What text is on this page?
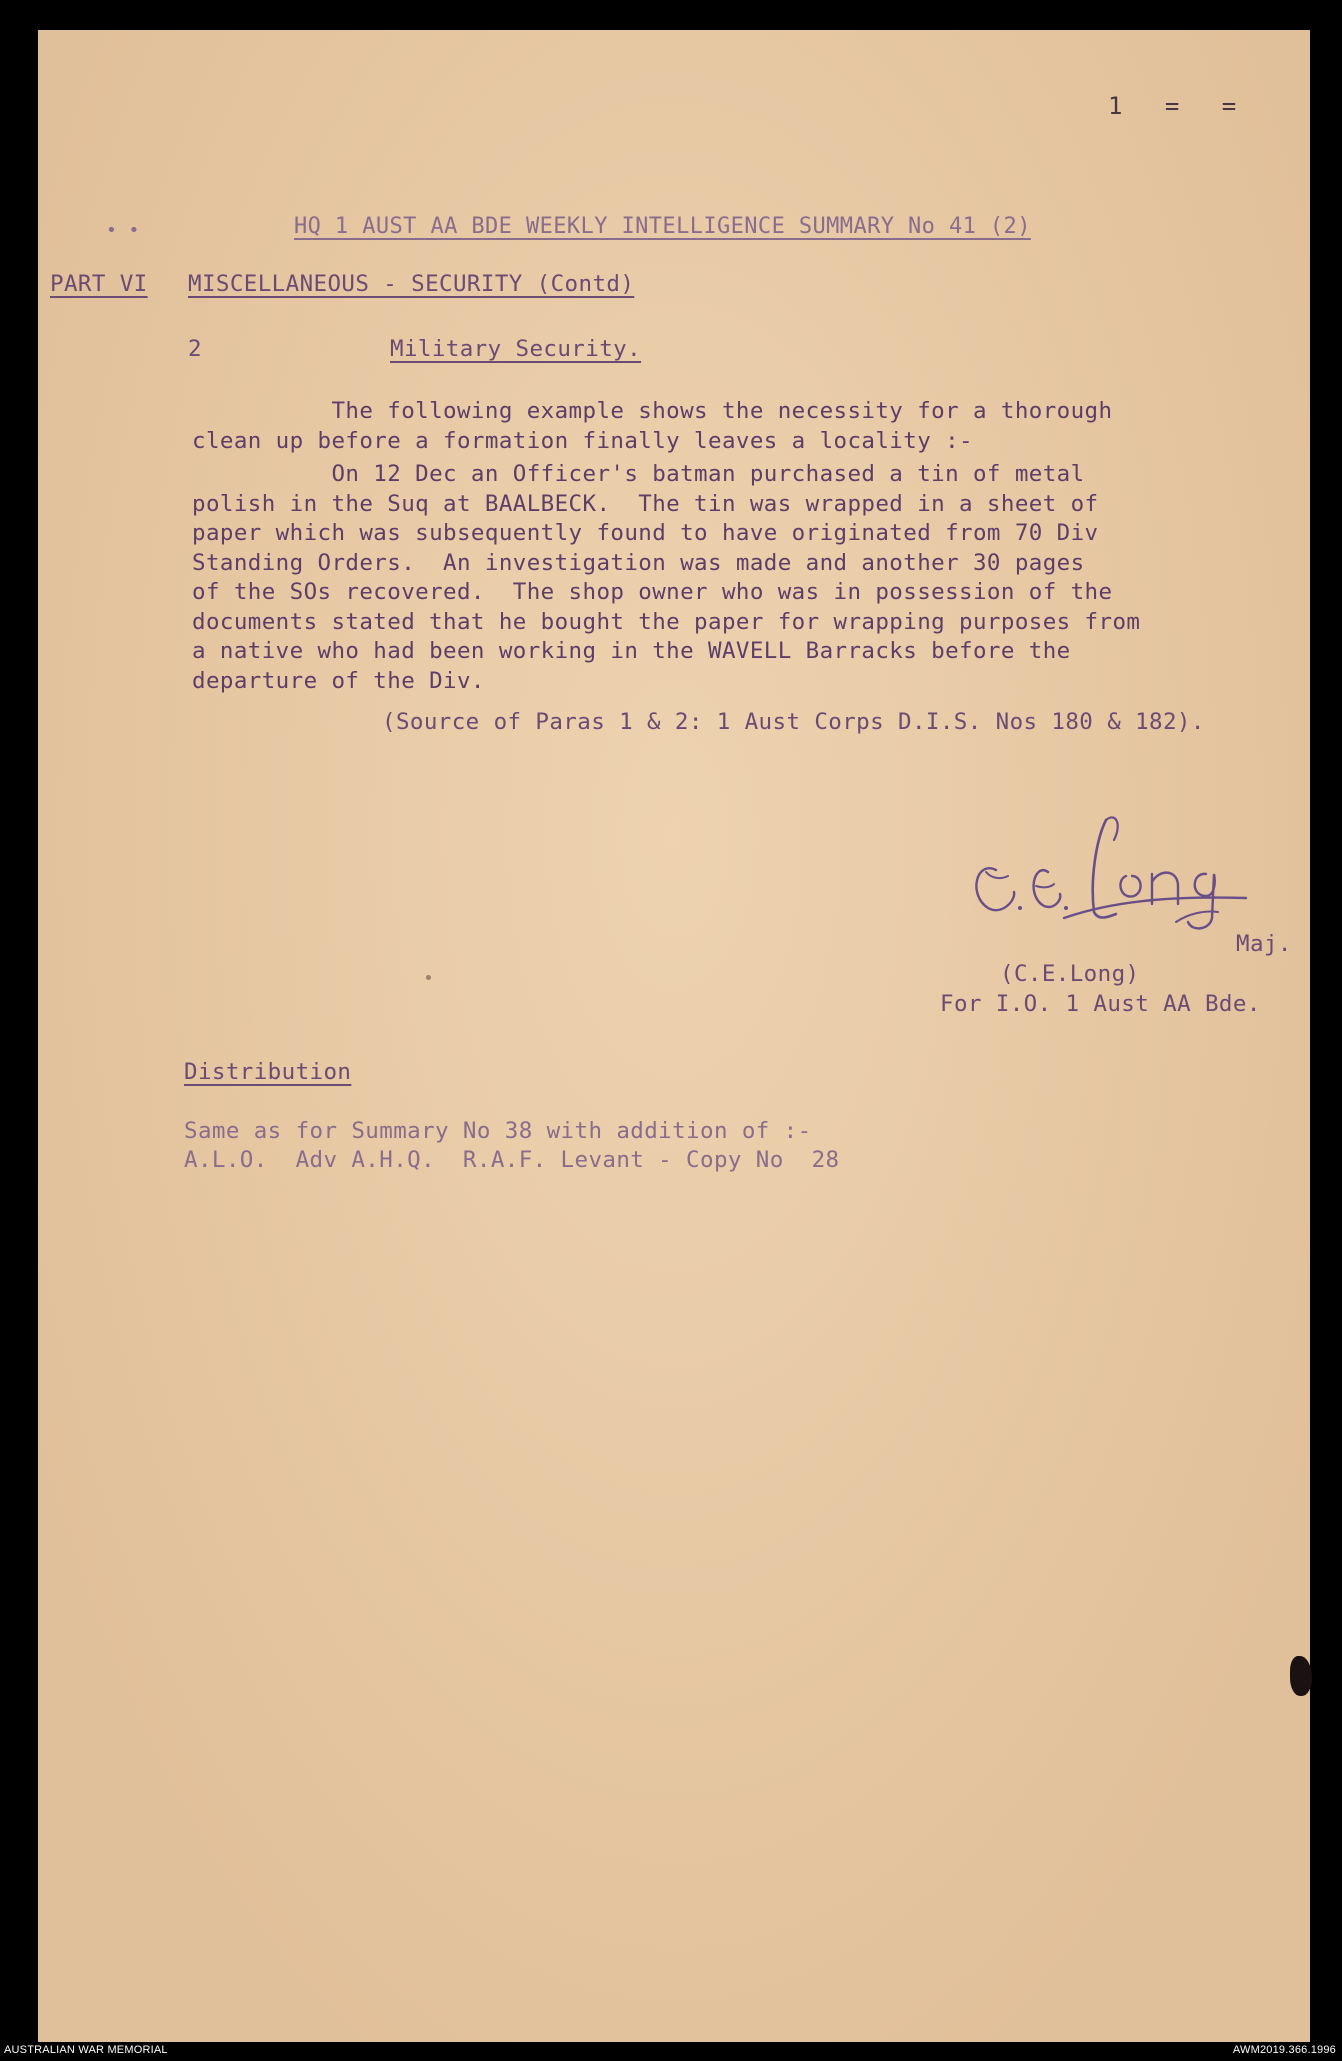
1 = =
HQ 1 AUST AA BDE WEEKLY INTELLIGENCE SUMMARY No 41 (2)
• •
PART VI MISCELLANEOUS - SECURITY (Contd)
2	Military Security.
The following example shows the necessity for a thorough
clean up before a formation finally leaves a locality :-
On 12 Dec an Officer's batman purchased a tin of metal
polish in the Suq at BAALBECK.  The tin was wrapped in a sheet of
paper which was subsequently found to have originated from 70 Div
Standing Orders.  An investigation was made and another 30 pages
of the SOs recovered.  The shop owner who was in possession of the
documents stated that he bought the paper for wrapping purposes from
a native who had been working in the WAVELL Barracks before the
departure of the Div.
(Source of Paras 1 & 2: 1 Aust Corps D.I.S. Nos 180 & 182).
Maj.
(C.E.Long)
For I.O. 1 Aust AA Bde.
Distribution
Same as for Summary No 38 with addition of :-
A.L.O.  Adv A.H.Q.  R.A.F. Levant - Copy No  28
AUSTRALIAN WAR MEMORIAL	AWM2019.366.1996
